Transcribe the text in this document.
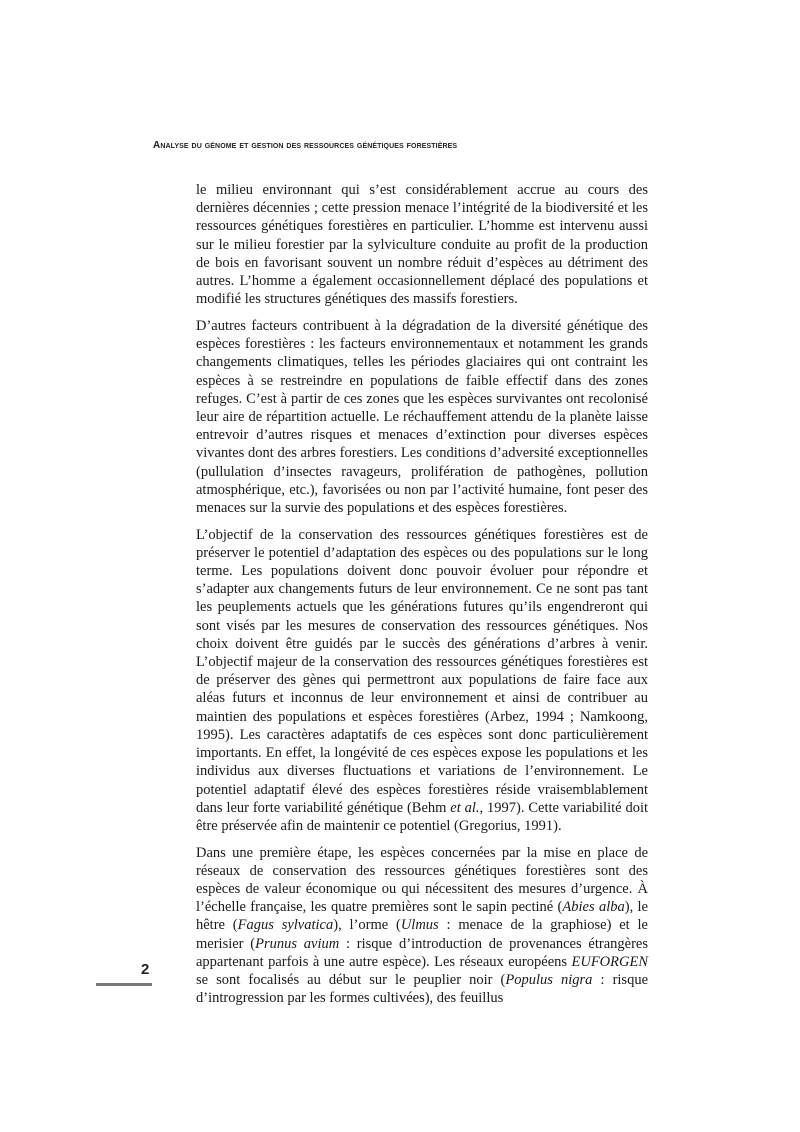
Analyse du génome et gestion des ressources génétiques forestières

le milieu environnant qui s’est considérablement accrue au cours des dernières décennies ; cette pression menace l’intégrité de la biodiversité et les ressources génétiques forestières en particulier. L’homme est intervenu aussi sur le milieu forestier par la sylviculture conduite au profit de la production de bois en favorisant souvent un nombre réduit d’espèces au détriment des autres. L’homme a également occasionnellement déplacé des populations et modifié les structures génétiques des massifs forestiers.

D’autres facteurs contribuent à la dégradation de la diversité génétique des espèces forestières : les facteurs environnementaux et notamment les grands changements climatiques, telles les périodes glaciaires qui ont contraint les espèces à se restreindre en populations de faible effectif dans des zones refuges. C’est à partir de ces zones que les espèces survivantes ont recolonisé leur aire de répartition actuelle. Le réchauffement attendu de la planète laisse entrevoir d’autres risques et menaces d’extinction pour diverses espèces vivantes dont des arbres forestiers. Les conditions d’adversité exceptionnelles (pullulation d’insectes ravageurs, prolifération de pathogènes, pollution atmosphérique, etc.), favorisées ou non par l’activité humaine, font peser des menaces sur la survie des populations et des espèces forestières.

L’objectif de la conservation des ressources génétiques forestières est de préserver le potentiel d’adaptation des espèces ou des populations sur le long terme. Les populations doivent donc pouvoir évoluer pour répondre et s’adapter aux changements futurs de leur environnement. Ce ne sont pas tant les peuplements actuels que les générations futures qu’ils engendreront qui sont visés par les mesures de conservation des ressources génétiques. Nos choix doivent être guidés par le succès des générations d’arbres à venir. L’objectif majeur de la conservation des ressources génétiques forestières est de préserver des gènes qui permettront aux populations de faire face aux aléas futurs et inconnus de leur environnement et ainsi de contribuer au maintien des populations et espèces forestières (Arbez, 1994 ; Namkoong, 1995). Les caractères adaptatifs de ces espèces sont donc particulièrement importants. En effet, la longévité de ces espèces expose les populations et les individus aux diverses fluctuations et variations de l’environnement. Le potentiel adaptatif élevé des espèces forestières réside vraisemblablement dans leur forte variabilité génétique (Behm et al., 1997). Cette variabilité doit être préservée afin de maintenir ce potentiel (Gregorius, 1991).

Dans une première étape, les espèces concernées par la mise en place de réseaux de conservation des ressources génétiques forestières sont des espèces de valeur économique ou qui nécessitent des mesures d’urgence. À l’échelle française, les quatre premières sont le sapin pectiné (Abies alba), le hêtre (Fagus sylvatica), l’orme (Ulmus : menace de la graphiose) et le merisier (Prunus avium : risque d’introduction de provenances étrangères appartenant parfois à une autre espèce). Les réseaux européens EUFORGEN se sont focalisés au début sur le peuplier noir (Populus nigra : risque d’introgression par les formes cultivées), des feuillus

2
